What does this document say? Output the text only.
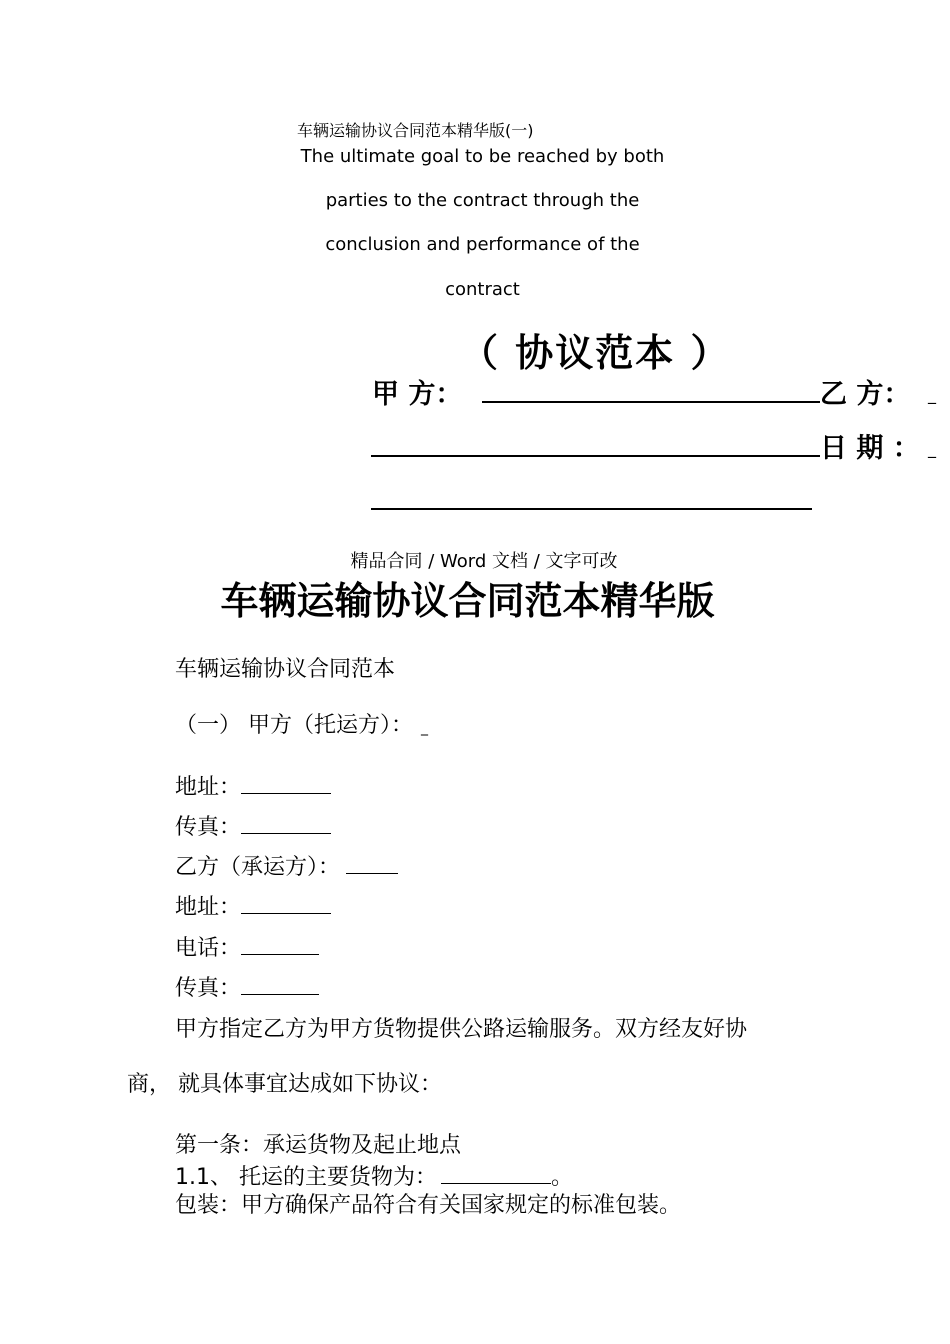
车辆运输协议合同范本精华版(一)
The ultimate goal to be reached by both
parties to the contract through the
conclusion and performance of the
contract
（ 协议范本 ）
甲 方：	乙 方： _
日 期 ： _
精品合同 / Word 文档 / 文字可改
车辆运输协议合同范本精华版
车辆运输协议合同范本
（一） 甲方（托运方）： _
地址：
传真：
乙方（承运方）：
地址：
电话：
传真：
甲方指定乙方为甲方货物提供公路运输服务。双方经友好协
商， 就具体事宜达成如下协议：
第一条：承运货物及起止地点
1.1、 托运的主要货物为：	。
包装：甲方确保产品符合有关国家规定的标准包装。
